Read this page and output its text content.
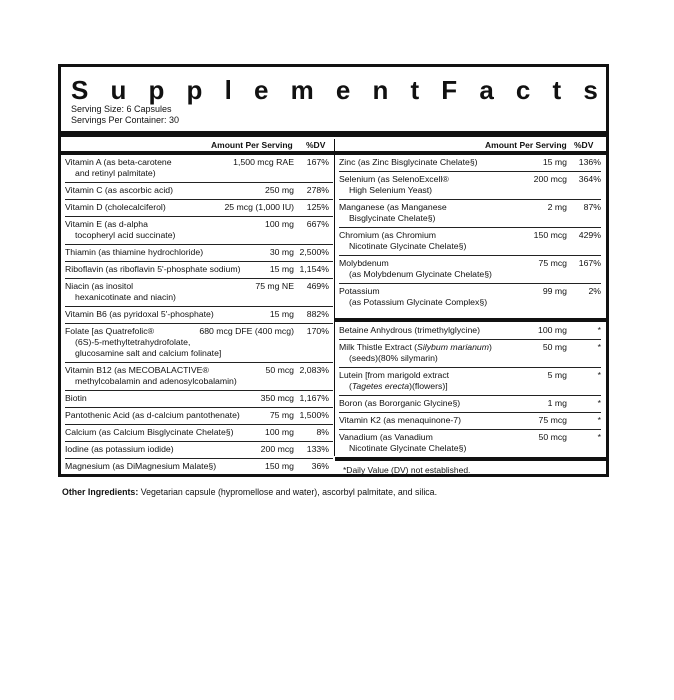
S u p p l e m e n t F a c t s
Serving Size: 6 Capsules
Servings Per Container: 30
Amount Per Serving %DV	Amount Per Serving %DV
Vitamin A (as beta-carotene
and retinyl palmitate)
1,500 mcg RAE 167%
Vitamin C (as ascorbic acid)	250 mg 278%
Vitamin D (cholecalciferol)	25 mcg (1,000 IU) 125%
Vitamin E (as d-alpha
tocopheryl acid succinate)
100 mg 667%
Thiamin (as thiamine hydrochloride)	30 mg 2,500%
Riboflavin (as riboflavin 5'-phosphate sodium)	15 mg 1,154%
Niacin (as inositol
hexanicotinate and niacin)
75 mg NE 469%
Vitamin B6 (as pyridoxal 5'-phosphate)	15 mg 882%
Folate [as Quatrefolic®
(6S)-5-methyltetrahydrofolate,
glucosamine salt and calcium folinate]
680 mcg DFE (400 mcg) 170%
Vitamin B12 (as MECOBALACTIVE®
methylcobalamin and adenosylcobalamin)
50 mcg 2,083%
Biotin	350 mcg 1,167%
Pantothenic Acid (as d-calcium pantothenate)	75 mg 1,500%
Calcium (as Calcium Bisglycinate Chelate§)	100 mg	8%
Iodine (as potassium iodide)	200 mcg 133%
Magnesium (as DiMagnesium Malate§)	150 mg 36%
Zinc (as Zinc Bisglycinate Chelate§)	15 mg 136%
Selenium (as SelenoExcell®
High Selenium Yeast)
200 mcg 364%
Manganese (as Manganese
Bisglycinate Chelate§)
2 mg 87%
Chromium (as Chromium
Nicotinate Glycinate Chelate§)
150 mcg 429%
Molybdenum
(as Molybdenum Glycinate Chelate§)
75 mcg 167%
Potassium
(as Potassium Glycinate Complex§)
99 mg 2%
Betaine Anhydrous (trimethylglycine)	100 mg	*
Milk Thistle Extract (Silybum marianum)
(seeds)(80% silymarin)
50 mg	*
Lutein [from marigold extract
(Tagetes erecta)(flowers)]
5 mg	*
Boron (as Bororganic Glycine§)	1 mg	*
Vitamin K2 (as menaquinone-7)	75 mcg	*
Vanadium (as Vanadium
Nicotinate Glycinate Chelate§)
50 mcg	*
*Daily Value (DV) not established.
Other Ingredients: Vegetarian capsule (hypromellose and water), ascorbyl palmitate, and silica.
